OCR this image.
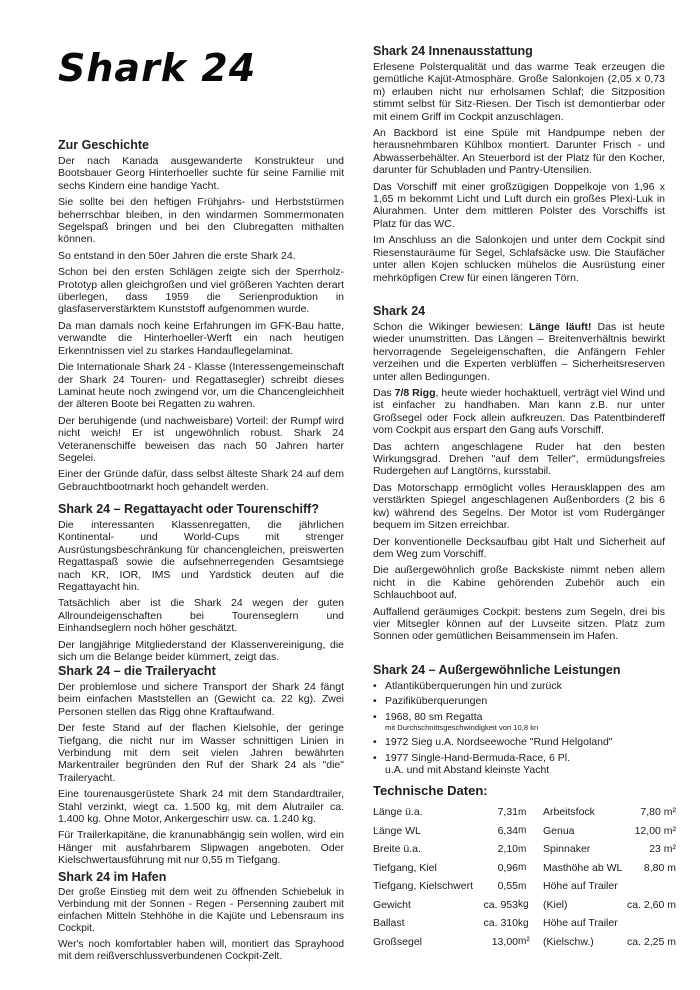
Shark 24
Zur Geschichte

Der nach Kanada ausgewanderte Konstrukteur und Bootsbauer Georg Hinterhoeller suchte für seine Familie mit sechs Kindern eine handige Yacht.

Sie sollte bei den heftigen Frühjahrs- und Herbststürmen beherrschbar bleiben, in den windarmen Sommermonaten Segelspaß bringen und bei den Clubregatten mithalten können.

So entstand in den 50er Jahren die erste Shark 24.

Schon bei den ersten Schlägen zeigte sich der Sperrholz-Prototyp allen gleichgroßen und viel größeren Yachten derart überlegen, dass 1959 die Serienproduktion in glasfaserverstärktem Kunststoff aufgenommen wurde.

Da man damals noch keine Erfahrungen im GFK-Bau hatte, verwandte die Hinterhoeller-Werft ein nach heutigen Erkenntnissen viel zu starkes Handauflegelaminat.

Die Internationale Shark 24 - Klasse (Interessengemeinschaft der Shark 24 Touren- und Regattasegler) schreibt dieses Laminat heute noch zwingend vor, um die Chancengleichheit der älteren Boote bei Regatten zu wahren.

Der beruhigende (und nachweisbare) Vorteil: der Rumpf wird nicht weich! Er ist ungewöhnlich robust. Shark 24 Veteranenschiffe beweisen das nach 50 Jahren harter Segelei.

Einer der Gründe dafür, dass selbst älteste Shark 24 auf dem Gebrauchtbootmarkt hoch gehandelt werden.

Shark 24 – Regattayacht oder Tourenschiff?

Die interessanten Klassenregatten, die jährlichen Kontinental- und World-Cups mit strenger Ausrüstungsbeschränkung für chancengleichen, preiswerten Regattaspaß sowie die aufsehnerregenden Gesamtsiege nach KR, IOR, IMS und Yardstick deuten auf die Regattayacht hin.

Tatsächlich aber ist die Shark 24 wegen der guten Allroundeigenschaften bei Tourenseglern und Einhandseglern noch höher geschätzt.

Der langjährige Mitgliederstand der Klassenvereinigung, die sich um die Belange beider kümmert, zeigt das.

Shark 24 – die Traileryacht

Der problemlose und sichere Transport der Shark 24 fängt beim einfachen Maststellen an (Gewicht ca. 22 kg). Zwei Personen stellen das Rigg ohne Kraftaufwand.

Der feste Stand auf der flachen Kielsohle, der geringe Tiefgang, die nicht nur im Wasser schnittigen Linien in Verbindung mit dem seit vielen Jahren bewährten Markentrailer begründen den Ruf der Shark 24 als "die" Traileryacht.

Eine tourenausgerüstete Shark 24 mit dem Standardtrailer, Stahl verzinkt, wiegt ca. 1.500 kg, mit dem Alutrailer ca. 1.400 kg. Ohne Motor, Ankergeschirr usw. ca. 1.240 kg.

Für Trailerkapitäne, die kranunabhängig sein wollen, wird ein Hänger mit ausfahrbarem Slipwagen angeboten. Oder Kielschwertausführung mit nur 0,55 m Tiefgang.

Shark 24 im Hafen

Der große Einstieg mit dem weit zu öffnenden Schiebeluk in Verbindung mit der Sonnen - Regen - Persenning zaubert mit einfachen Mitteln Stehhöhe in die Kajüte und Lebensraum ins Cockpit.

Wer's noch komfortabler haben will, montiert das Sprayhood mit dem reißverschlussverbundenen Cockpit-Zelt.

Shark 24 Innenausstattung

Erlesene Polsterqualität und das warme Teak erzeugen die gemütliche Kajüt-Atmosphäre. Große Salonkojen (2,05 x 0,73 m) erlauben nicht nur erholsamen Schlaf; die Sitzposition stimmt selbst für Sitz-Riesen. Der Tisch ist demontierbar oder mit einem Griff im Cockpit anzuschlagen.

An Backbord ist eine Spüle mit Handpumpe neben der herausnehmbaren Kühlbox montiert. Darunter Frisch - und Abwasserbehälter. An Steuerbord ist der Platz für den Kocher, darunter für Schubladen und Pantry-Utensilien.

Das Vorschiff mit einer großzügigen Doppelkoje von 1,96 x 1,65 m bekommt Licht und Luft durch ein großes Plexi-Luk in Alurahmen. Unter dem mittleren Polster des Vorschiffs ist Platz für das WC.

Im Anschluss an die Salonkojen und unter dem Cockpit sind Riesenstauräume für Segel, Schlafsäcke usw. Die Staufächer unter allen Kojen schlucken mühelos die Ausrüstung einer mehrköpfigen Crew für einen längeren Törn.

Shark 24

Schon die Wikinger bewiesen: Länge läuft! Das ist heute wieder unumstritten. Das Längen – Breitenverhältnis bewirkt hervorragende Segeleigenschaften, die Anfängern Fehler verzeihen und die Experten verblüffen – Sicherheitsreserven unter allen Bedingungen.

Das 7/8 Rigg, heute wieder hochaktuell, verträgt viel Wind und ist einfacher zu handhaben. Man kann z.B. nur unter Großsegel oder Fock allein aufkreuzen. Das Patentbindereff vom Cockpit aus erspart den Gang aufs Vorschiff.

Das achtern angeschlagene Ruder hat den besten Wirkungsgrad. Drehen "auf dem Teller", ermüdungsfreies Rudergehen auf Langtörns, kursstabil.

Das Motorschapp ermöglicht volles Herausklappen des am verstärkten Spiegel angeschlagenen Außenborders (2 bis 6 kw) während des Segelns. Der Motor ist vom Rudergänger bequem im Sitzen erreichbar.

Der konventionelle Decksaufbau gibt Halt und Sicherheit auf dem Weg zum Vorschiff.

Die außergewöhnlich große Backskiste nimmt neben allem nicht in die Kabine gehörenden Zubehör auch ein Schlauchboot auf.

Auffallend geräumiges Cockpit: bestens zum Segeln, drei bis vier Mitsegler können auf der Luvseite sitzen. Platz zum Sonnen oder gemütlichen Beisammensein im Hafen.

Shark 24 – Außergewöhnliche Leistungen
• Atlantiküberquerungen hin und zurück
• Pazifiküberquerungen
• 1968, 80 sm Regatta
mit Durchschnittsgeschwindigkeit von 10,8 kn
• 1972 Sieg u.A. Nordseewoche "Rund Helgoland"
• 1977 Single-Hand-Bermuda-Race, 6 Pl. u.A. und mit Abstand kleinste Yacht
Technische Daten:
Länge ü.a.	7,31	m		Arbeitsfock	7,80 m²
Länge WL	6,34	m		Genua	12,00 m²
Breite ü.a.	2,10	m		Spinnaker	23 m²
Tiefgang, Kiel	0,96	m		Masthöhe ab WL	8,80 m
Tiefgang, Kielschwert	0,55	m		Höhe auf Trailer	
Gewicht	ca. 953	kg		(Kiel)	ca. 2,60 m
Ballast	ca. 310	kg		Höhe auf Trailer	
Großsegel	13,00	m²		(Kielschw.)	ca. 2,25 m
